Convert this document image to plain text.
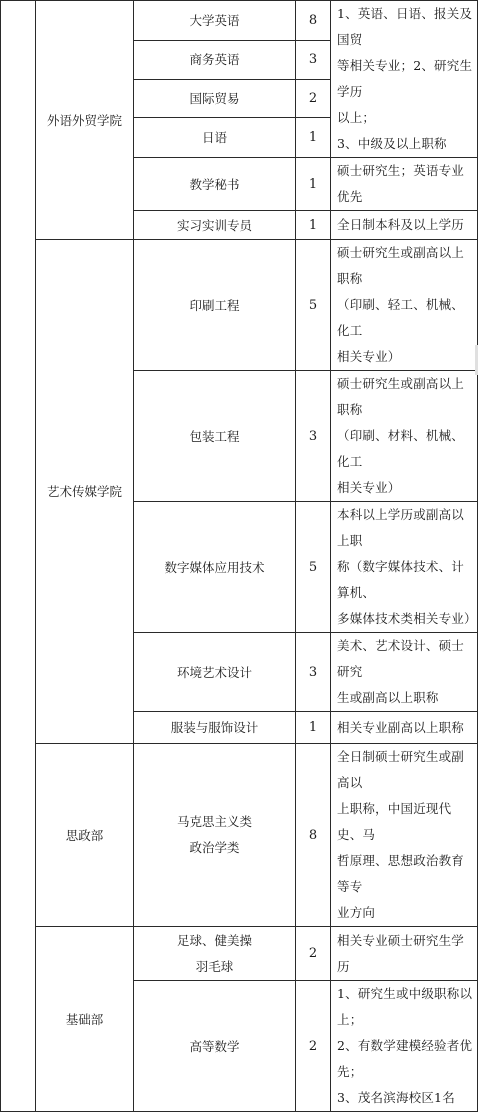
	外语外贸学院	大学英语	8	1、英语、日语、报关及国贸
等相关专业；2、研究生学历
以上；
3、中级及以上职称

		商务英语	3	
		国际贸易	2	
		日语	1	
		教学秘书	1	硕士研究生；英语专业优先
		实习实训专员	1	全日制本科及以上学历
	艺术传媒学院	印刷工程	5	硕士研究生或副高以上职称
（印刷、轻工、机械、化工
相关专业）

		包装工程	3	硕士研究生或副高以上职称
（印刷、材料、机械、化工
相关专业）

		数字媒体应用技术	5	本科以上学历或副高以上职
称（数字媒体技术、计算机、
多媒体技术类相关专业）

		环境艺术设计	3	美术、艺术设计、硕士研究
生或副高以上职称

		服装与服饰设计	1	相关专业副高以上职称
	思政部	马克思主义类
政治学类	8	全日制硕士研究生或副高以
上职称，中国近现代史、马
哲原理、思想政治教育等专
业方向

	基础部	足球、健美操
羽毛球	2	相关专业硕士研究生学历
		高等数学	2	1、研究生或中级职称以上；
2、有数学建模经验者优先；
3、茂名滨海校区1名
